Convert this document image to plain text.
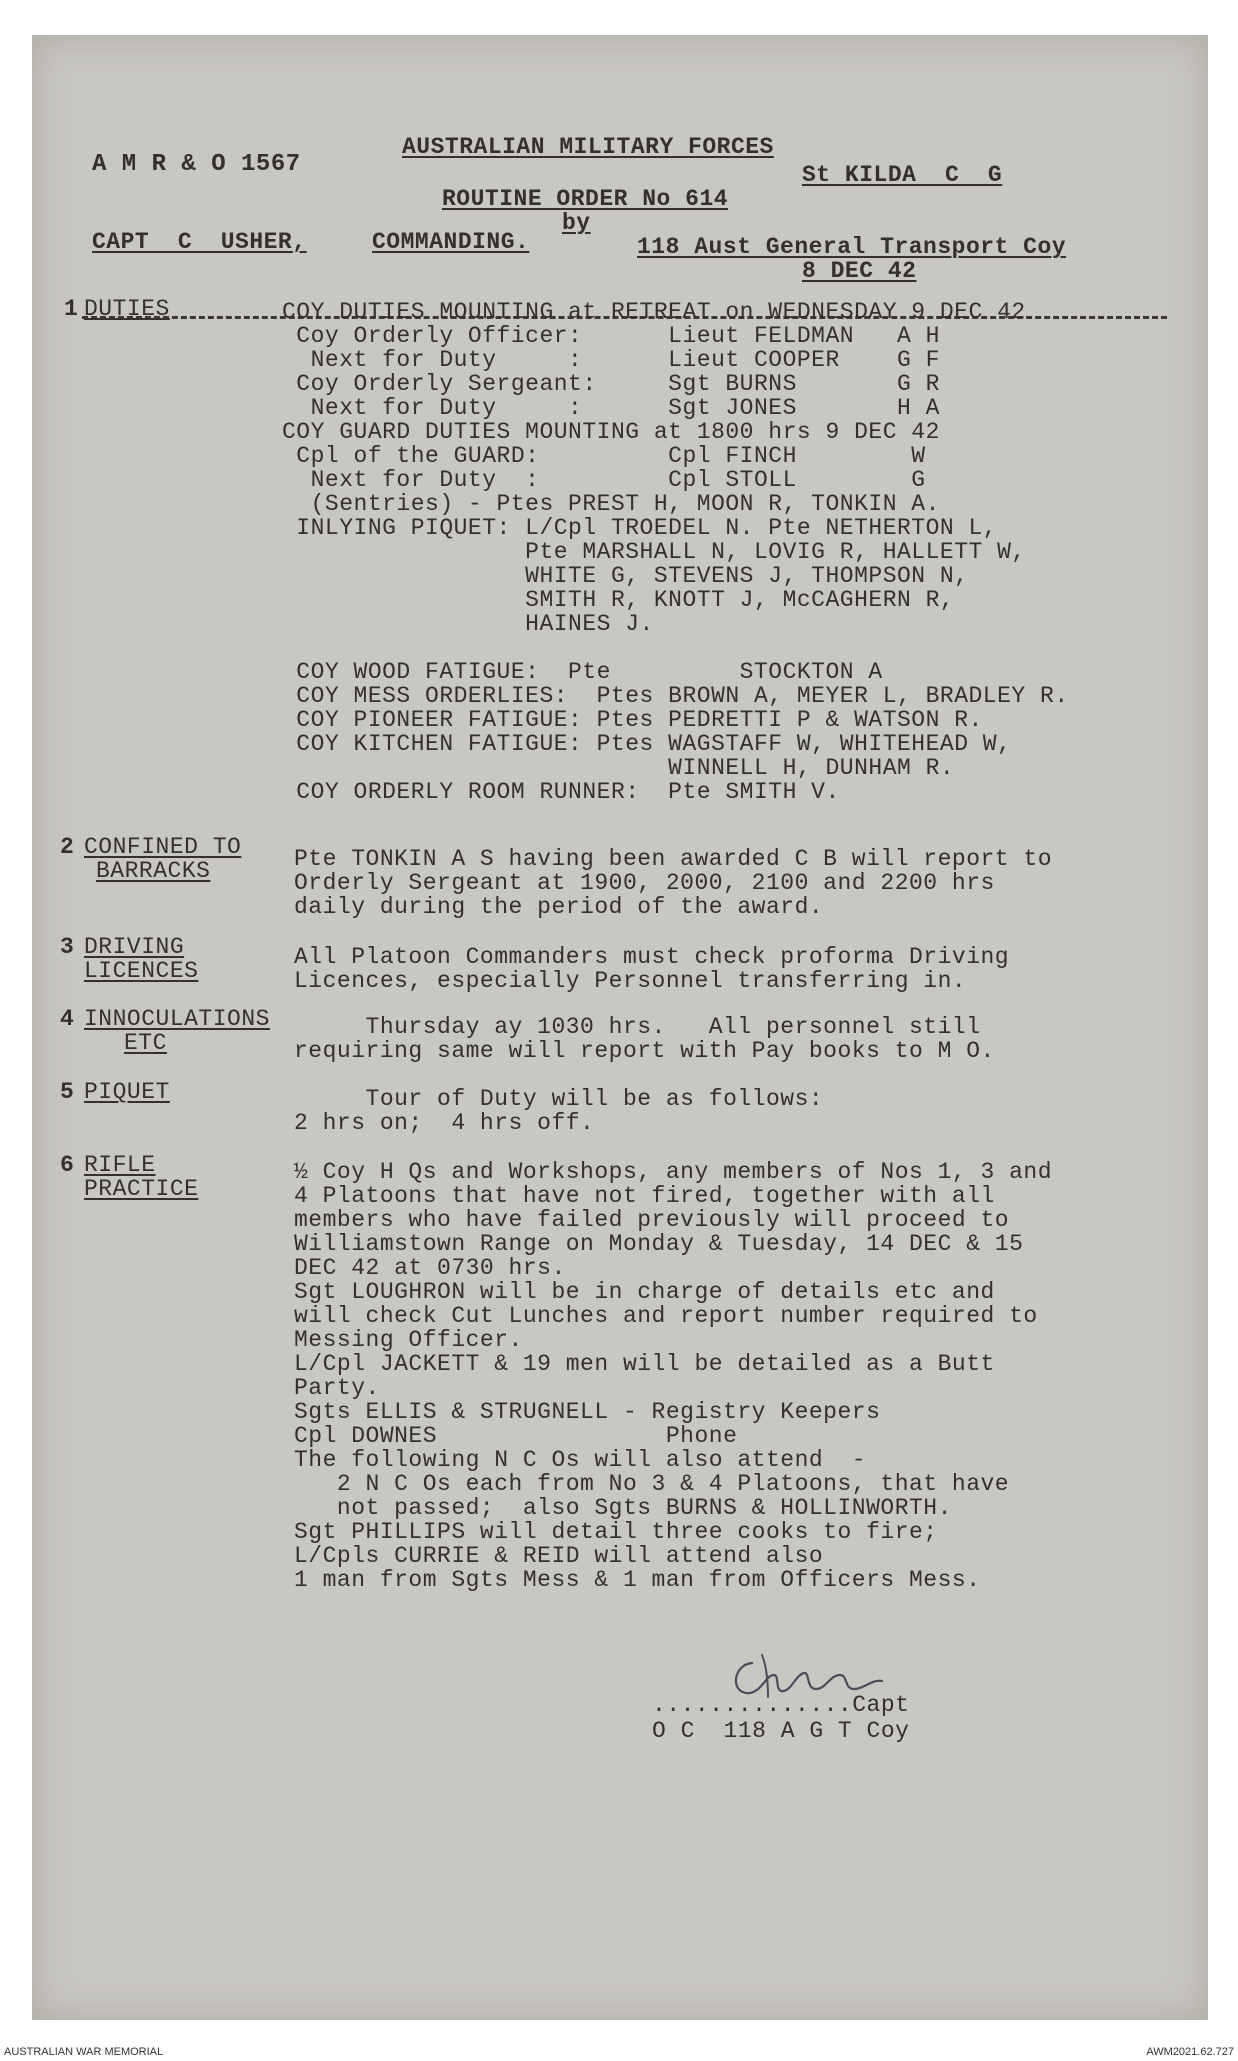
A M R & O 1567
AUSTRALIAN MILITARY FORCES
St KILDA  C  G
ROUTINE ORDER No 614
by
CAPT  C  USHER,	COMMANDING.	118 Aust General Transport Coy
8 DEC 42
1 DUTIES	COY DUTIES MOUNTING at RETREAT on WEDNESDAY 9 DEC 42
Coy Orderly Officer:      Lieut FELDMAN   A H
Next for Duty     :      Lieut COOPER    G F
Coy Orderly Sergeant:     Sgt BURNS       G R
Next for Duty     :      Sgt JONES       H A
COY GUARD DUTIES MOUNTING at 1800 hrs 9 DEC 42
Cpl of the GUARD:         Cpl FINCH        W
Next for Duty  :         Cpl STOLL        G
(Sentries) - Ptes PREST H, MOON R, TONKIN A.
INLYING PIQUET: L/Cpl TROEDEL N. Pte NETHERTON L,
Pte MARSHALL N, LOVIG R, HALLETT W,
WHITE G, STEVENS J, THOMPSON N,
SMITH R, KNOTT J, McCAGHERN R,
HAINES J.
COY WOOD FATIGUE:  Pte         STOCKTON A
COY MESS ORDERLIES:  Ptes BROWN A, MEYER L, BRADLEY R.
COY PIONEER FATIGUE: Ptes PEDRETTI P & WATSON R.
COY KITCHEN FATIGUE: Ptes WAGSTAFF W, WHITEHEAD W,
WINNELL H, DUNHAM R.
COY ORDERLY ROOM RUNNER:  Pte SMITH V.
2 CONFINED TO
BARRACKS	Pte TONKIN A S having been awarded C B will report to
Orderly Sergeant at 1900, 2000, 2100 and 2200 hrs
daily during the period of the award.
3 DRIVING
LICENCES
All Platoon Commanders must check proforma Driving
Licences, especially Personnel transferring in.
4 INNOCULATIONS
ETC
Thursday ay 1030 hrs.   All personnel still
requiring same will report with Pay books to M O.
5 PIQUET	Tour of Duty will be as follows:
2 hrs on;  4 hrs off.
6 RIFLE
PRACTICE
½ Coy H Qs and Workshops, any members of Nos 1, 3 and
4 Platoons that have not fired, together with all
members who have failed previously will proceed to
Williamstown Range on Monday & Tuesday, 14 DEC & 15
DEC 42 at 0730 hrs.
Sgt LOUGHRON will be in charge of details etc and
will check Cut Lunches and report number required to
Messing Officer.
L/Cpl JACKETT & 19 men will be detailed as a Butt
Party.
Sgts ELLIS & STRUGNELL - Registry Keepers
Cpl DOWNES                Phone
The following N C Os will also attend  -
2 N C Os each from No 3 & 4 Platoons, that have
not passed;  also Sgts BURNS & HOLLINWORTH.
Sgt PHILLIPS will detail three cooks to fire;
L/Cpls CURRIE & REID will attend also
1 man from Sgts Mess & 1 man from Officers Mess.
..............Capt
O C  118 A G T Coy
AUSTRALIAN WAR MEMORIAL	AWM2021.62.727
